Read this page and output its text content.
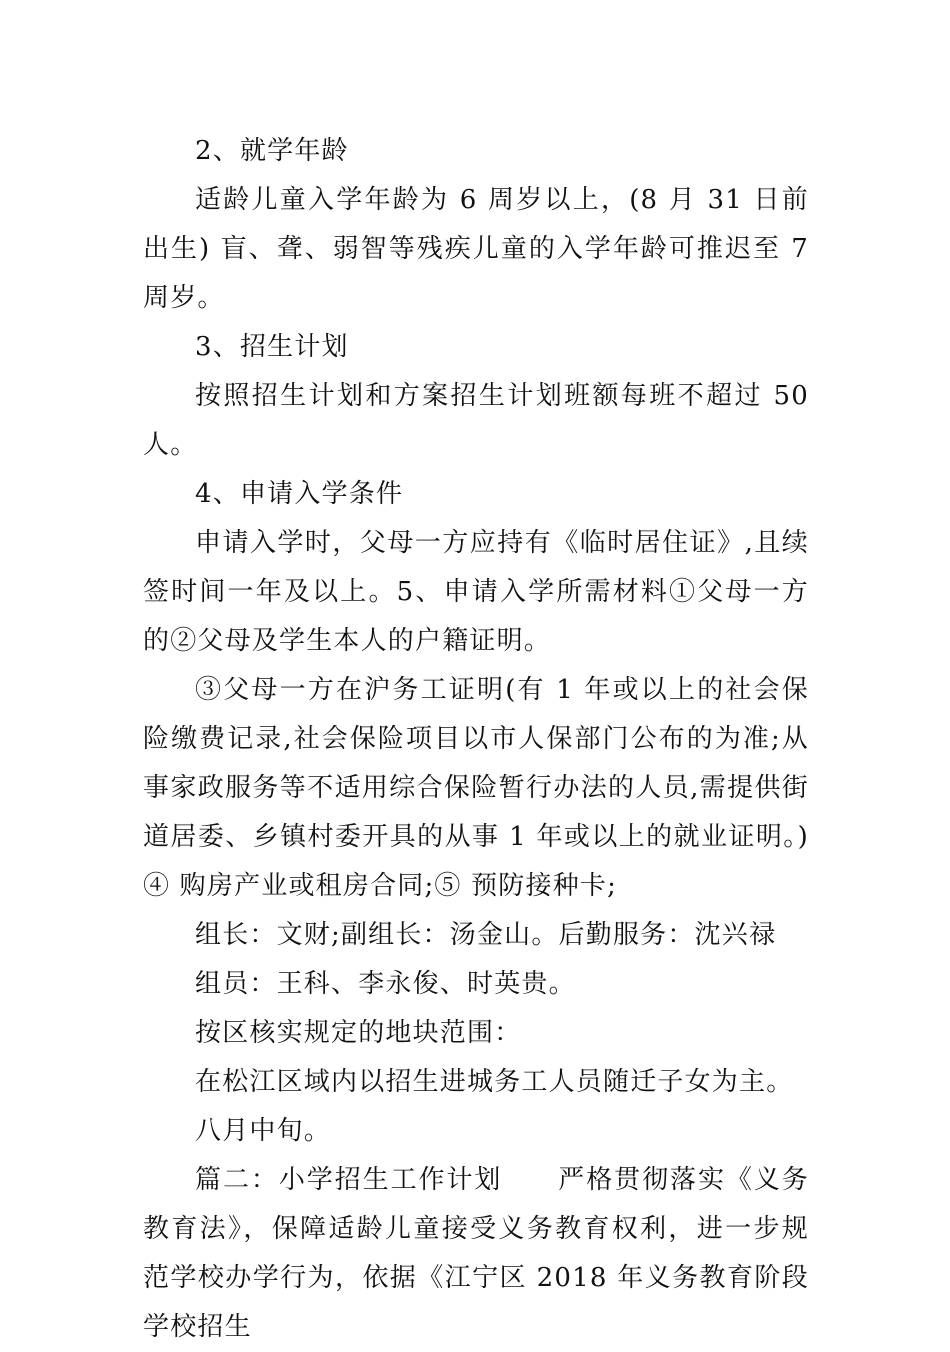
2、就学年龄

适龄儿童入学年龄为 6 周岁以上，(8 月 31 日前出生) 盲、聋、弱智等残疾儿童的入学年龄可推迟至 7 周岁。

3、招生计划

按照招生计划和方案招生计划班额每班不超过 50 人。

4、申请入学条件

申请入学时，父母一方应持有《临时居住证》,且续签时间一年及以上。5、申请入学所需材料①父母一方的②父母及学生本人的户籍证明。

③父母一方在沪务工证明(有 1 年或以上的社会保险缴费记录,社会保险项目以市人保部门公布的为准;从事家政服务等不适用综合保险暂行办法的人员,需提供街道居委、乡镇村委开具的从事 1 年或以上的就业证明。)④ 购房产业或租房合同;⑤ 预防接种卡;

组长：文财;副组长：汤金山。后勤服务：沈兴禄

组员：王科、李永俊、时英贵。

按区核实规定的地块范围：

在松江区域内以招生进城务工人员随迁子女为主。

八月中旬。

篇二：小学招生工作计划　　严格贯彻落实《义务教育法》，保障适龄儿童接受义务教育权利，进一步规范学校办学行为，依据《江宁区 2018 年义务教育阶段学校招生
